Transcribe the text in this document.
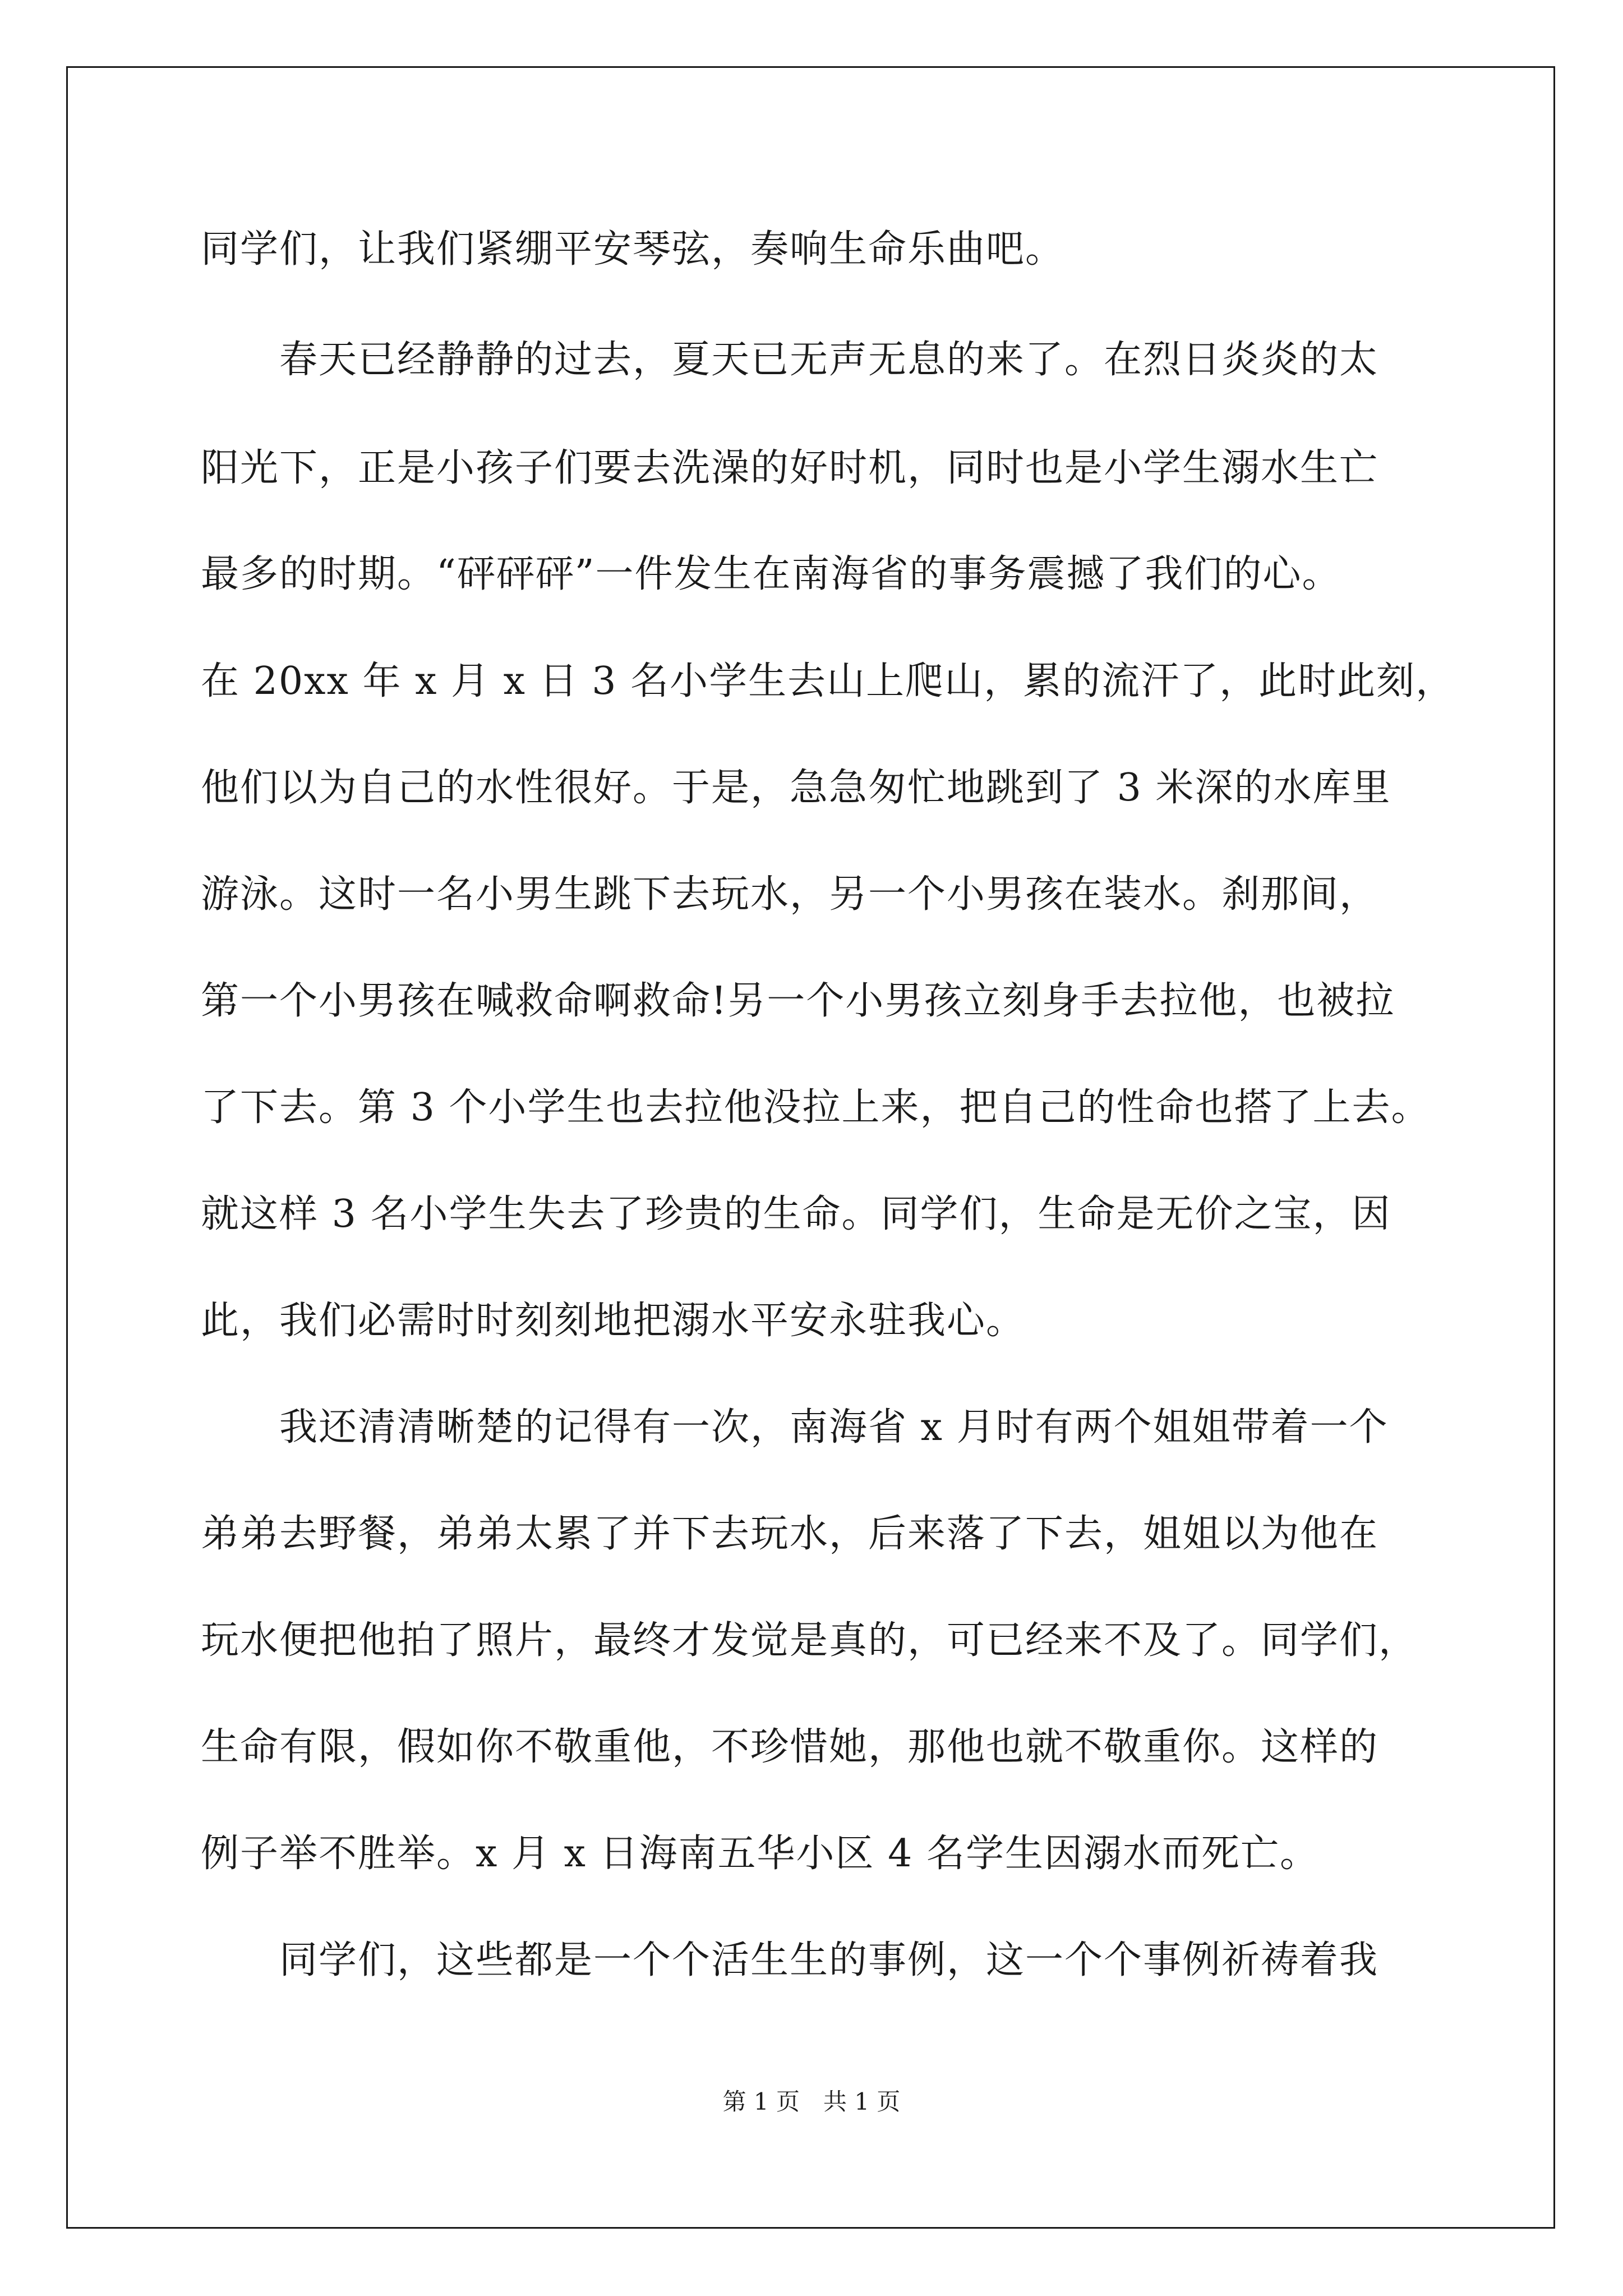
同学们，让我们紧绷平安琴弦，奏响生命乐曲吧。
　　春天已经静静的过去，夏天已无声无息的来了。在烈日炎炎的太
阳光下，正是小孩子们要去洗澡的好时机，同时也是小学生溺水生亡
最多的时期。“砰砰砰”一件发生在南海省的事务震撼了我们的心。
在 20xx 年 x 月 x 日 3 名小学生去山上爬山，累的流汗了，此时此刻，
他们以为自己的水性很好。于是，急急匆忙地跳到了 3 米深的水库里
游泳。这时一名小男生跳下去玩水，另一个小男孩在装水。刹那间，
第一个小男孩在喊救命啊救命!另一个小男孩立刻身手去拉他，也被拉
了下去。第 3 个小学生也去拉他没拉上来，把自己的性命也搭了上去。
就这样 3 名小学生失去了珍贵的生命。同学们，生命是无价之宝，因
此，我们必需时时刻刻地把溺水平安永驻我心。
　　我还清清晰楚的记得有一次，南海省 x 月时有两个姐姐带着一个
弟弟去野餐，弟弟太累了并下去玩水，后来落了下去，姐姐以为他在
玩水便把他拍了照片，最终才发觉是真的，可已经来不及了。同学们，
生命有限，假如你不敬重他，不珍惜她，那他也就不敬重你。这样的
例子举不胜举。x 月 x 日海南五华小区 4 名学生因溺水而死亡。
　　同学们，这些都是一个个活生生的事例，这一个个事例祈祷着我
第 1 页　共 1 页
